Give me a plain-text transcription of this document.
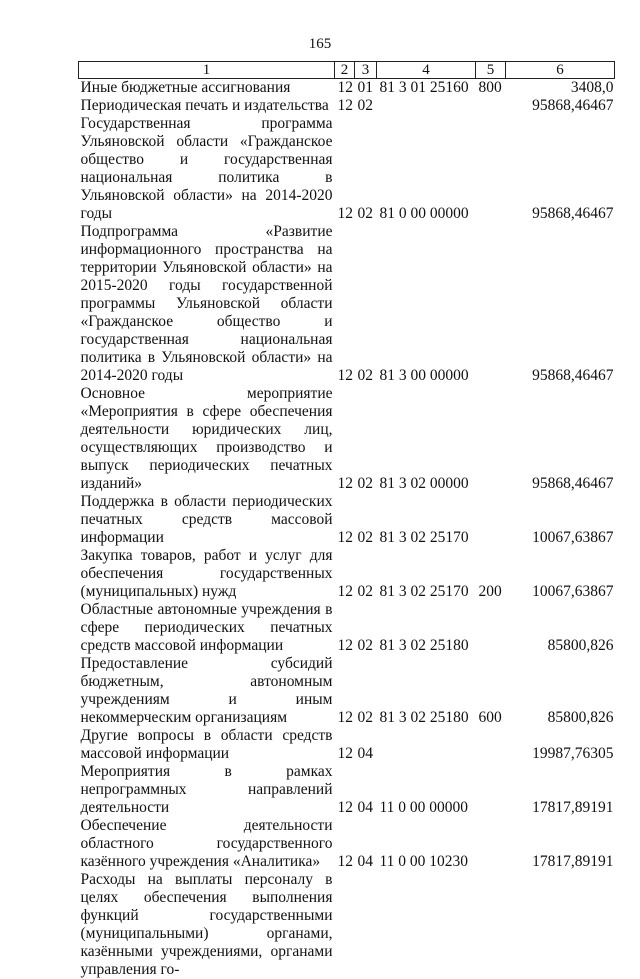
165
1	2	3	4	5	6
Иные бюджетные ассигнования	12	01	81 3 01 25160	800	3408,0
Периодическая печать и издательства	12	02			95868,46467
Государственная программа Ульяновской области «Гражданское общество и государственная национальная политика в Ульяновской области» на 2014-2020 годы	12	02	81 0 00 00000		95868,46467
Подпрограмма «Развитие информационного пространства на территории Ульяновской области» на 2015-2020 годы государственной программы Ульяновской области «Гражданское общество и государственная национальная политика в Ульяновской области» на 2014-2020 годы	12	02	81 3 00 00000		95868,46467
Основное мероприятие «Мероприятия в сфере обеспечения деятельности юридических лиц, осуществляющих производство и выпуск периодических печатных изданий»	12	02	81 3 02 00000		95868,46467
Поддержка в области периодических печатных средств массовой информации	12	02	81 3 02 25170		10067,63867
Закупка товаров, работ и услуг для обеспечения государственных (муниципальных) нужд	12	02	81 3 02 25170	200	10067,63867
Областные автономные учреждения в сфере периодических печатных средств массовой информации	12	02	81 3 02 25180		85800,826
Предоставление субсидий бюджетным, автономным учреждениям и иным некоммерческим организациям	12	02	81 3 02 25180	600	85800,826
Другие вопросы в области средств массовой информации	12	04			19987,76305
Мероприятия в рамках непрограммных направлений деятельности	12	04	11 0 00 00000		17817,89191
Обеспечение деятельности областного государственного казённого учреждения «Аналитика»	12	04	11 0 00 10230		17817,89191
Расходы на выплаты персоналу в целях обеспечения выполнения функций государственными (муниципальными) органами, казёнными учреждениями, органами управления го-					
